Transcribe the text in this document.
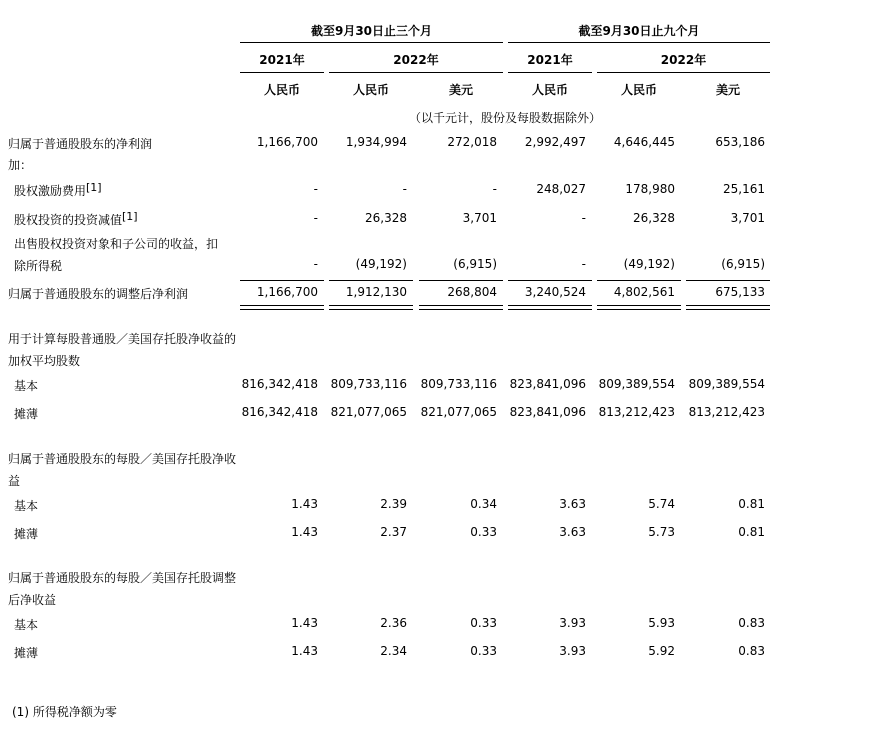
截至9月30日止三个月	截至9月30日止九个月
2021年	2022年	2021年	2022年
人民币	人民币	美元	人民币	人民币	美元
（以千元计，股份及每股数据除外）
归属于普通股股东的净利润	1,166,700	1,934,994	272,018	2,992,497	4,646,445	653,186
加：
股权激励费用[1]	-	-	-	248,027	178,980	25,161
股权投资的投资减值[1]	-	26,328	3,701	-	26,328	3,701
出售股权投资对象和子公司的收益，扣
除所得税	-	(49,192)	(6,915)	-	(49,192)	(6,915)
归属于普通股股东的调整后净利润	1,166,700	1,912,130	268,804	3,240,524	4,802,561	675,133
用于计算每股普通股／美国存托股净收益的
加权平均股数
基本	816,342,418	809,733,116	809,733,116	823,841,096	809,389,554	809,389,554
摊薄	816,342,418	821,077,065	821,077,065	823,841,096	813,212,423	813,212,423
归属于普通股股东的每股／美国存托股净收
益
基本	1.43	2.39	0.34	3.63	5.74	0.81
摊薄	1.43	2.37	0.33	3.63	5.73	0.81
归属于普通股股东的每股／美国存托股调整
后净收益
基本	1.43	2.36	0.33	3.93	5.93	0.83
摊薄	1.43	2.34	0.33	3.93	5.92	0.83
(1) 所得税净额为零
